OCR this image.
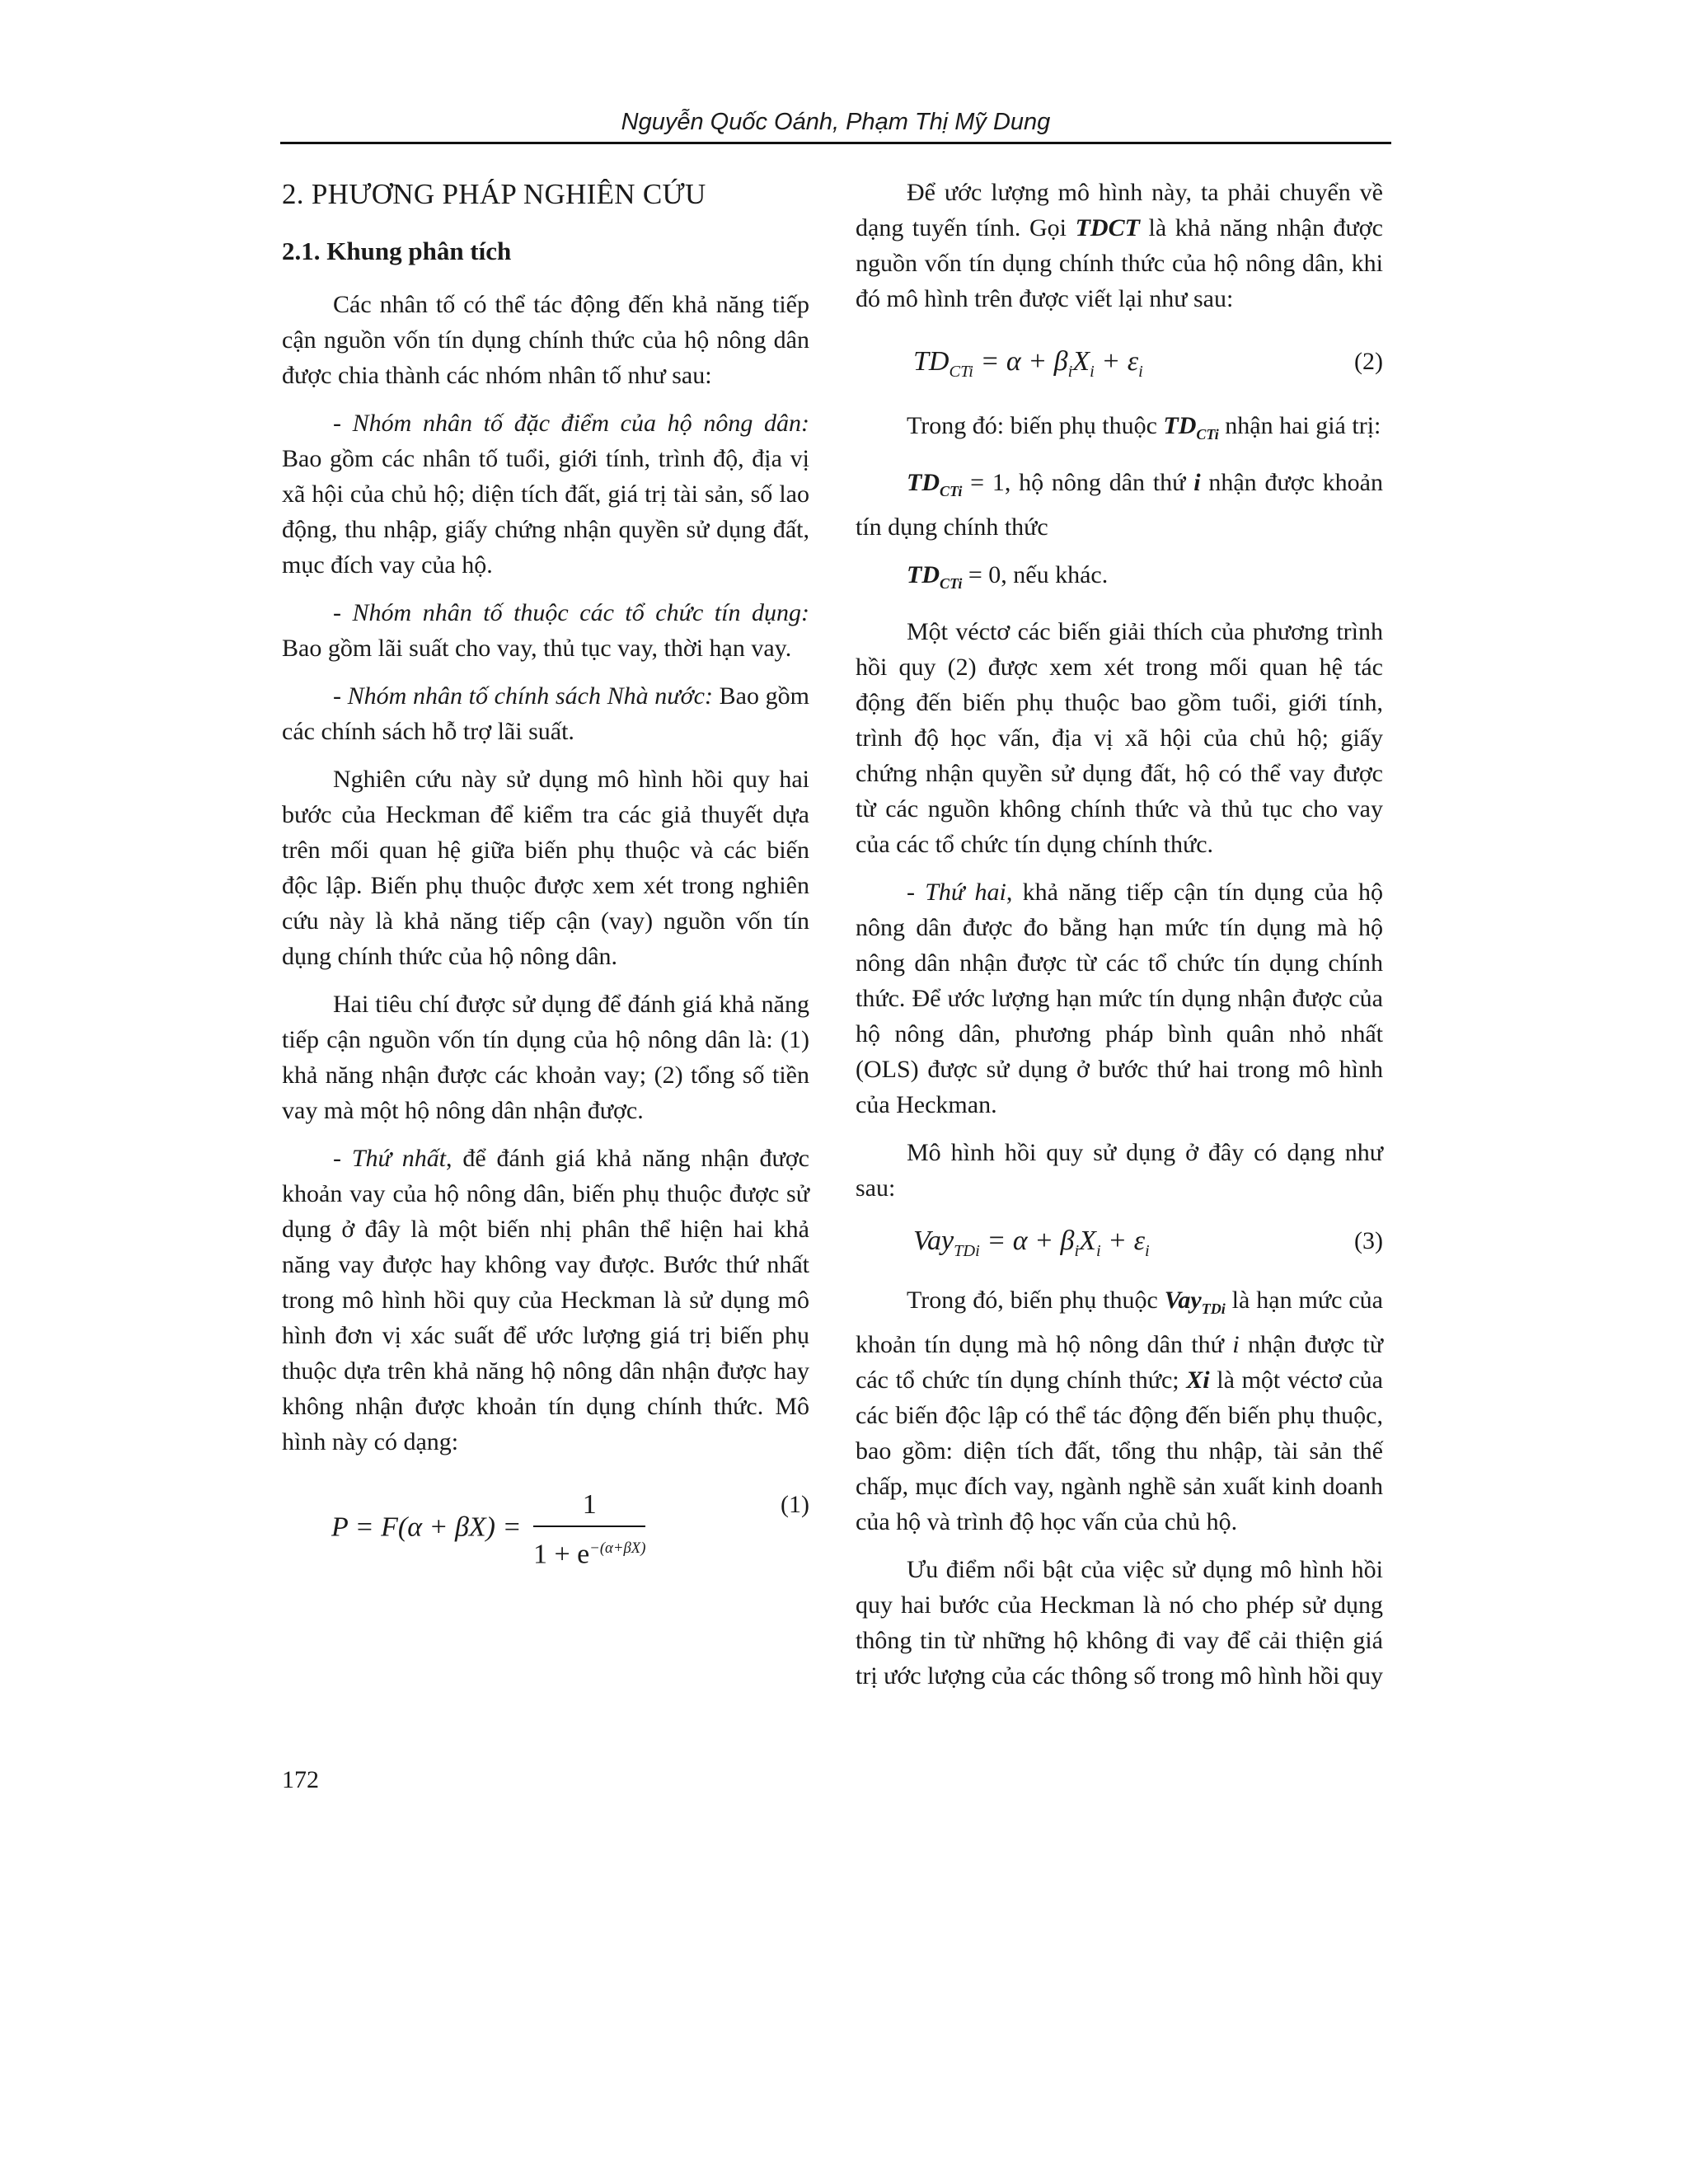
Nguyễn Quốc Oánh, Phạm Thị Mỹ Dung
2. PHƯƠNG PHÁP NGHIÊN CỨU
2.1. Khung phân tích

Các nhân tố có thể tác động đến khả năng tiếp cận nguồn vốn tín dụng chính thức của hộ nông dân được chia thành các nhóm nhân tố như sau:

- Nhóm nhân tố đặc điểm của hộ nông dân: Bao gồm các nhân tố tuổi, giới tính, trình độ, địa vị xã hội của chủ hộ; diện tích đất, giá trị tài sản, số lao động, thu nhập, giấy chứng nhận quyền sử dụng đất, mục đích vay của hộ.

- Nhóm nhân tố thuộc các tổ chức tín dụng: Bao gồm lãi suất cho vay, thủ tục vay, thời hạn vay.

- Nhóm nhân tố chính sách Nhà nước: Bao gồm các chính sách hỗ trợ lãi suất.

Nghiên cứu này sử dụng mô hình hồi quy hai bước của Heckman để kiểm tra các giả thuyết dựa trên mối quan hệ giữa biến phụ thuộc và các biến độc lập. Biến phụ thuộc được xem xét trong nghiên cứu này là khả năng tiếp cận (vay) nguồn vốn tín dụng chính thức của hộ nông dân.

Hai tiêu chí được sử dụng để đánh giá khả năng tiếp cận nguồn vốn tín dụng của hộ nông dân là: (1) khả năng nhận được các khoản vay; (2) tổng số tiền vay mà một hộ nông dân nhận được.

- Thứ nhất, để đánh giá khả năng nhận được khoản vay của hộ nông dân, biến phụ thuộc được sử dụng ở đây là một biến nhị phân thể hiện hai khả năng vay được hay không vay được. Bước thứ nhất trong mô hình hồi quy của Heckman là sử dụng mô hình đơn vị xác suất để ước lượng giá trị biến phụ thuộc dựa trên khả năng hộ nông dân nhận được hay không nhận được khoản tín dụng chính thức. Mô hình này có dạng:

$P = F(\alpha + \beta X) = \frac{1}{1 + e^{-(\alpha+\beta X)}}$	(1)

Để ước lượng mô hình này, ta phải chuyển về dạng tuyến tính. Gọi TDCT là khả năng nhận được nguồn vốn tín dụng chính thức của hộ nông dân, khi đó mô hình trên được viết lại như sau:

$TD_{CTi} = \alpha + \beta_iX_i + \varepsilon_i$	(2)

Trong đó: biến phụ thuộc $TD_{CTi}$ nhận hai giá trị:

$TD_{CTi} = 1$, hộ nông dân thứ i nhận được khoản tín dụng chính thức

$TD_{CTi} = 0$, nếu khác.

Một véctơ các biến giải thích của phương trình hồi quy (2) được xem xét trong mối quan hệ tác động đến biến phụ thuộc bao gồm tuổi, giới tính, trình độ học vấn, địa vị xã hội của chủ hộ; giấy chứng nhận quyền sử dụng đất, hộ có thể vay được từ các nguồn không chính thức và thủ tục cho vay của các tổ chức tín dụng chính thức.

- Thứ hai, khả năng tiếp cận tín dụng của hộ nông dân được đo bằng hạn mức tín dụng mà hộ nông dân nhận được từ các tổ chức tín dụng chính thức. Để ước lượng hạn mức tín dụng nhận được của hộ nông dân, phương pháp bình quân nhỏ nhất (OLS) được sử dụng ở bước thứ hai trong mô hình của Heckman.

Mô hình hồi quy sử dụng ở đây có dạng như sau:

$Vay_{TDi} = \alpha + \beta_iX_i + \varepsilon_i$	(3)

Trong đó, biến phụ thuộc Vay$_{TDi}$ là hạn mức của khoản tín dụng mà hộ nông dân thứ i nhận được từ các tổ chức tín dụng chính thức; Xi là một véctơ của các biến độc lập có thể tác động đến biến phụ thuộc, bao gồm: diện tích đất, tổng thu nhập, tài sản thế chấp, mục đích vay, ngành nghề sản xuất kinh doanh của hộ và trình độ học vấn của chủ hộ.

Ưu điểm nổi bật của việc sử dụng mô hình hồi quy hai bước của Heckman là nó cho phép sử dụng thông tin từ những hộ không đi vay để cải thiện giá trị ước lượng của các thông số trong mô hình hồi quy

172
